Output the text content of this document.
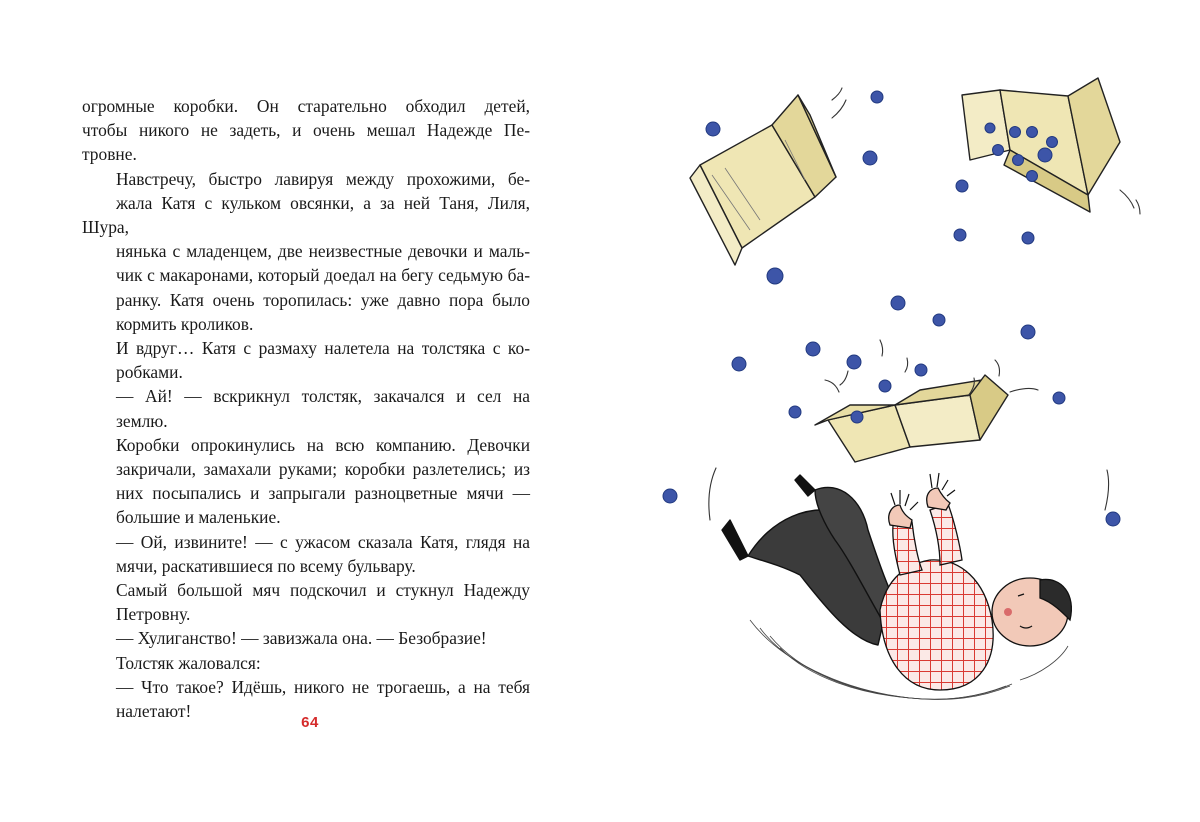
огромные коробки. Он старательно обходил детей,
чтобы никого не задеть, и очень мешал Надежде Пе-
тровне.

Навстречу, быстро лавируя между прохожими, бе-
жала Катя с кульком овсянки, а за ней Таня, Лиля, Шура,
нянька с младенцем, две неизвестные девочки и маль-
чик с макаронами, который доедал на бегу седьмую ба-
ранку. Катя очень торопилась: уже давно пора было
кормить кроликов.

И вдруг… Катя с размаху налетела на толстяка с ко-
робками.

— Ай! — вскрикнул толстяк, закачался и сел на
землю.

Коробки опрокинулись на всю компанию. Девочки
закричали, замахали руками; коробки разлетелись; из
них посыпались и запрыгали разноцветные мячи —
большие и маленькие.

— Ой, извините! — с ужасом сказала Катя, глядя на
мячи, раскатившиеся по всему бульвару.

Самый большой мяч подскочил и стукнул Надежду
Петровну.

— Хулиганство! — завизжала она. — Безобразие!

Толстяк жаловался:

— Что такое? Идёшь, никого не трогаешь, а на тебя
налетают!

64
